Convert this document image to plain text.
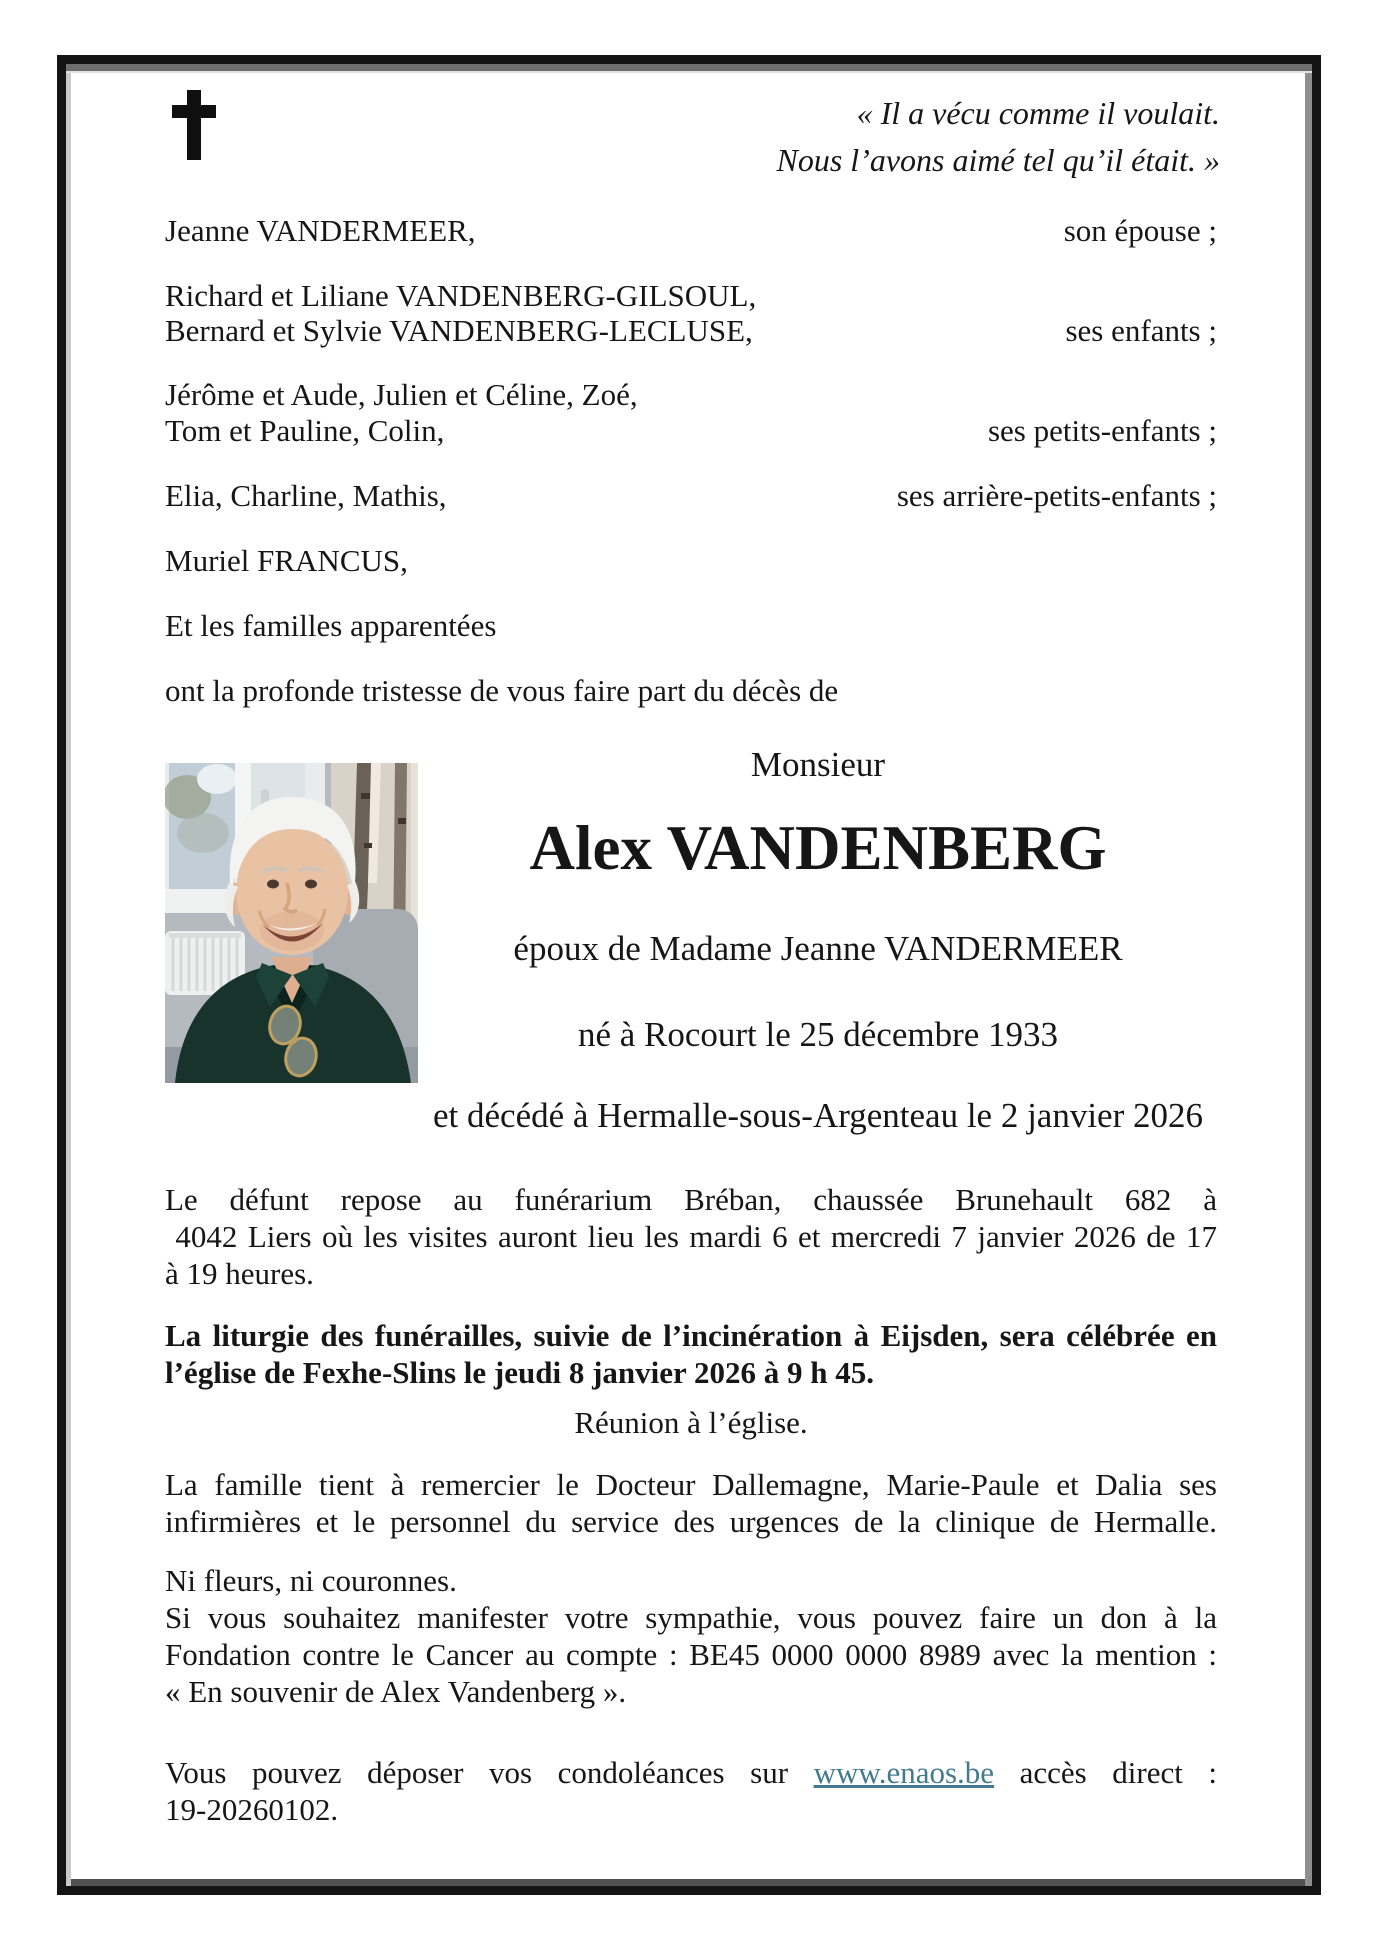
« Il a vécu comme il voulait.
Nous l’avons aimé tel qu’il était. »
Jeanne VANDERMEER,	son épouse ;
Richard et Liliane VANDENBERG-GILSOUL,
Bernard et Sylvie VANDENBERG-LECLUSE,	ses enfants ;
Jérôme et Aude, Julien et Céline, Zoé,
Tom et Pauline, Colin,	ses petits-enfants ;
Elia, Charline, Mathis,	ses arrière-petits-enfants ;
Muriel FRANCUS,
Et les familles apparentées
ont la profonde tristesse de vous faire part du décès de
Monsieur
Alex VANDENBERG
époux de Madame Jeanne VANDERMEER
né à Rocourt le 25 décembre 1933
et décédé à Hermalle-sous-Argenteau le 2 janvier 2026
Le défunt repose au funérarium Bréban, chaussée Brunehault 682 à
4042 Liers où les visites auront lieu les mardi 6 et mercredi 7 janvier 2026 de 17
à 19 heures.
La liturgie des funérailles, suivie de l’incinération à Eijsden, sera célébrée en
l’église de Fexhe-Slins le jeudi 8 janvier 2026 à 9 h 45.
Réunion à l’église.
La famille tient à remercier le Docteur Dallemagne, Marie-Paule et Dalia ses
infirmières et le personnel du service des urgences de la clinique de Hermalle.
Ni fleurs, ni couronnes.
Si vous souhaitez manifester votre sympathie, vous pouvez faire un don à la
Fondation contre le Cancer au compte : BE45 0000 0000 8989 avec la mention :
« En souvenir de Alex Vandenberg ».
Vous pouvez déposer vos condoléances sur www.enaos.be accès direct :
19-20260102.
